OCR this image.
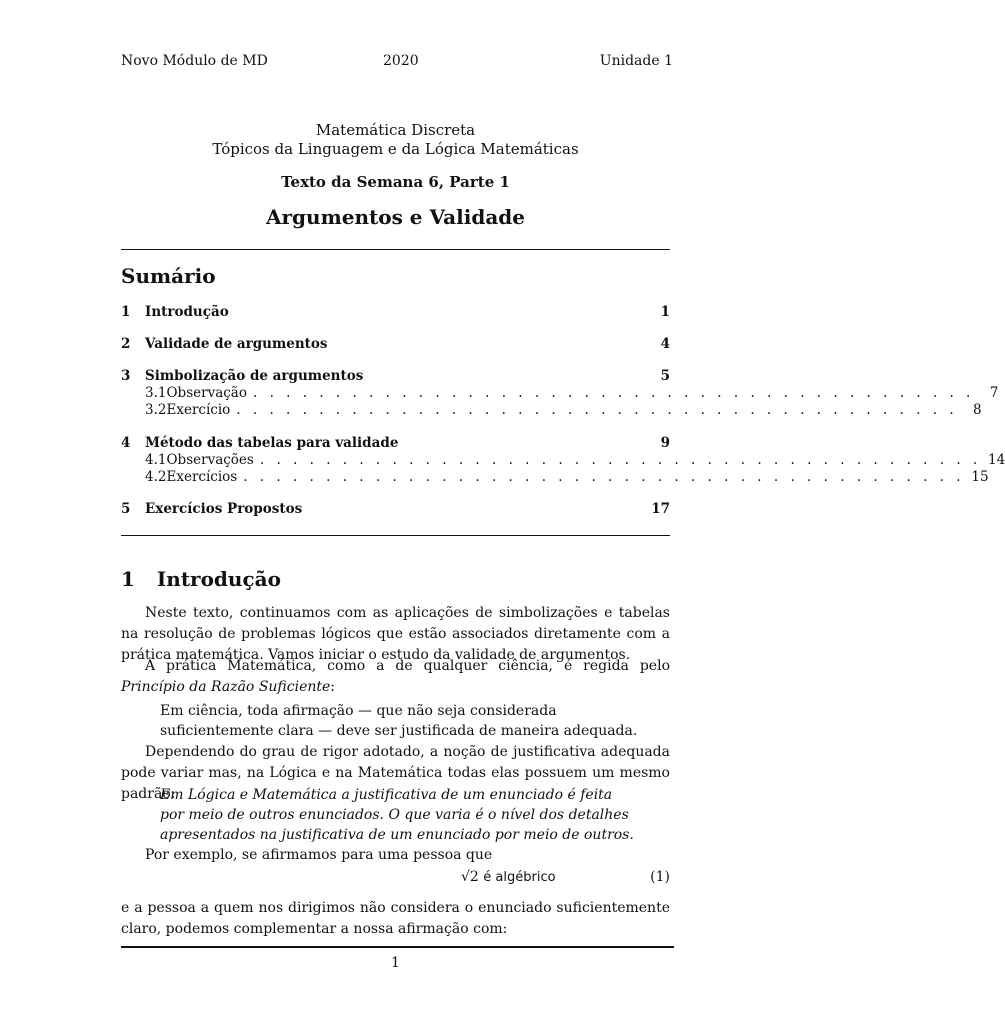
Novo Módulo de MD	2020	Unidade 1
Matemática Discreta
Tópicos da Linguagem e da Lógica Matemáticas
Texto da Semana 6, Parte 1
Argumentos e Validade
Sumário
1	Introdução	1
2	Validade de argumentos	4
3	Simbolização de argumentos	5
3.1 Observação . . . . . . . . . . . . . . . . . . . . . . . . . . . . . . . . . . . . . . . . . . . .	7
3.2 Exercício . . . . . . . . . . . . . . . . . . . . . . . . . . . . . . . . . . . . . . . . . . . .	8
4	Método das tabelas para validade	9
4.1 Observações . . . . . . . . . . . . . . . . . . . . . . . . . . . . . . . . . . . . . . . . . . . . 14
4.2 Exercícios . . . . . . . . . . . . . . . . . . . . . . . . . . . . . . . . . . . . . . . . . . . . 15
5	Exercícios Propostos	17
1 Introdução
Neste texto, continuamos com as aplicações de simbolizações e tabelas na resolução de problemas lógicos que estão associados diretamente com a prática matemática. Vamos iniciar o estudo da validade de argumentos.
A prática Matemática, como a de qualquer ciência, é regida pelo Princípio da Razão Suficiente:
Em ciência, toda afirmação — que não seja considerada suficientemente clara — deve ser justificada de maneira adequada.
Dependendo do grau de rigor adotado, a noção de justificativa adequada pode variar mas, na Lógica e na Matemática todas elas possuem um mesmo padrão:
Em Lógica e Matemática a justificativa de um enunciado é feita por meio de outros enunciados. O que varia é o nível dos detalhes apresentados na justificativa de um enunciado por meio de outros.
Por exemplo, se afirmamos para uma pessoa que
√2 é algébrico	(1)
e a pessoa a quem nos dirigimos não considera o enunciado suficientemente claro, podemos complementar a nossa afirmação com:
1
